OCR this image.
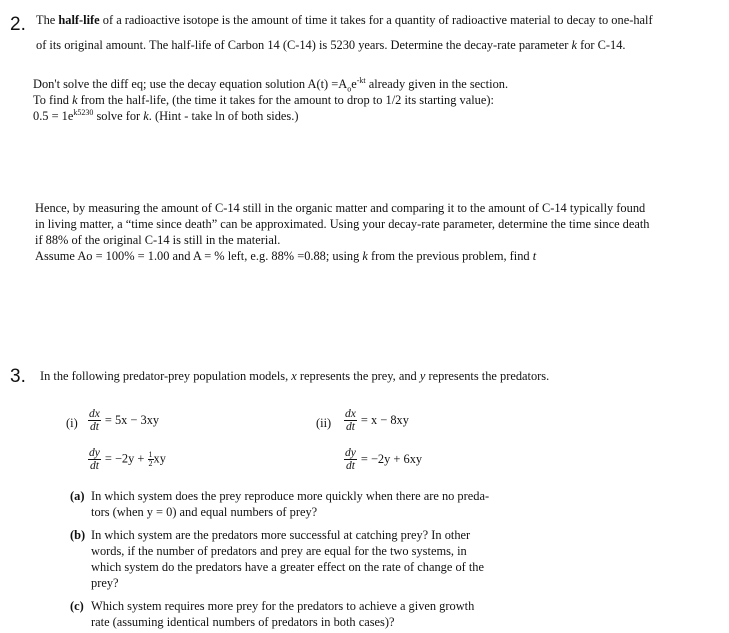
2. The half-life of a radioactive isotope is the amount of time it takes for a quantity of radioactive material to decay to one-half
of its original amount. The half-life of Carbon 14 (C-14) is 5230 years. Determine the decay-rate parameter k for C-14.
Don't solve the diff eq; use the decay equation solution $A(t) =A_oe^{-kt}$ already given in the section.
To find k from the half-life, (the time it takes for the amount to drop to 1/2 its starting value):
$0.5 = 1e^{k5230}$ solve for k. (Hint - take ln of both sides.)
Hence, by measuring the amount of C-14 still in the organic matter and comparing it to the amount of C-14 typically found
in living matter, a “time since death” can be approximated. Using your decay-rate parameter, determine the time since death
if 88% of the original C-14 is still in the material.
Assume Ao = 100% = 1.00 and A = % left, e.g. 88% =0.88; using k from the previous problem, find t
3. In the following predator-prey population models, x represents the prey, and y represents the predators.
$(i) \frac{dx}{dt} = 5x - 3xy$
$\frac{dy}{dt} = -2y + \frac{1}{2}$ xy
$(ii) \frac{dx}{dt} = x - 8xy$
$\frac{dy}{dt} = -2y + 6xy$
(a) In which system does the prey reproduce more quickly when there are no preda-
tors (when y = 0) and equal numbers of prey?
(b) In which system are the predators more successful at catching prey? In other
words, if the number of predators and prey are equal for the two systems, in
which system do the predators have a greater effect on the rate of change of the
prey?
(c) Which system requires more prey for the predators to achieve a given growth
rate (assuming identical numbers of predators in both cases)?
